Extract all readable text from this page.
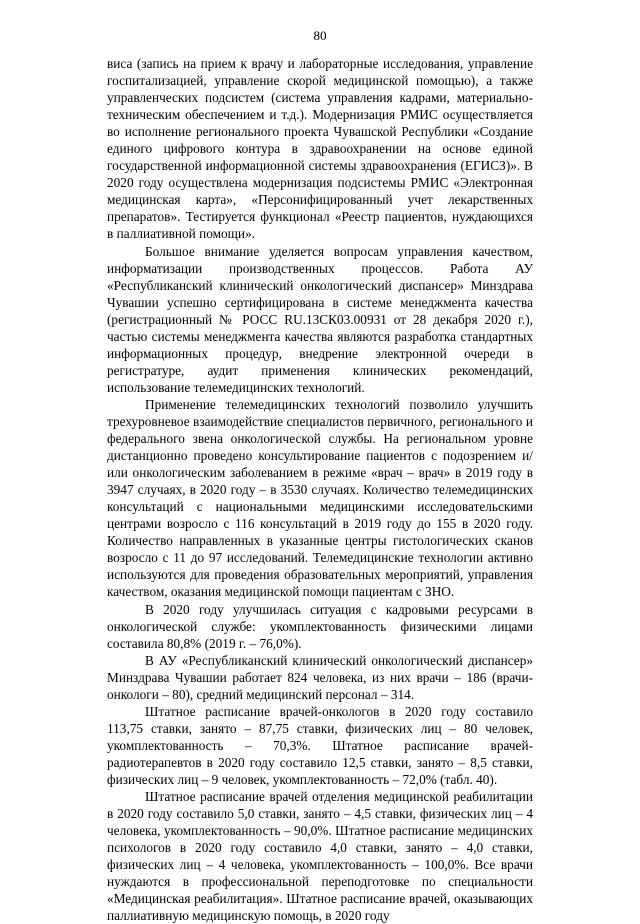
80

виса (запись на прием к врачу и лабораторные исследования, управление госпитализацией, управление скорой медицинской помощью), а также управленческих подсистем (система управления кадрами, материально-техническим обеспечением и т.д.). Модернизация РМИС осуществляется во исполнение регионального проекта Чувашской Республики «Создание единого цифрового контура в здравоохранении на основе единой государственной информационной системы здравоохранения (ЕГИСЗ)». В 2020 году осуществлена модернизация подсистемы РМИС «Электронная медицинская карта», «Персонифицированный учет лекарственных препаратов». Тестируется функционал «Реестр пациентов, нуждающихся в паллиативной помощи».

Большое внимание уделяется вопросам управления качеством, информатизации производственных процессов. Работа АУ «Республиканский клинический онкологический диспансер» Минздрава Чувашии успешно сертифицирована в системе менеджмента качества (регистрационный № РОСС RU.13СК03.00931 от 28 декабря 2020 г.), частью системы менеджмента качества являются разработка стандартных информационных процедур, внедрение электронной очереди в регистратуре, аудит применения клинических рекомендаций, использование телемедицинских технологий.

Применение телемедицинских технологий позволило улучшить трехуровневое взаимодействие специалистов первичного, регионального и федерального звена онкологической службы. На региональном уровне дистанционно проведено консультирование пациентов с подозрением и/или онкологическим заболеванием в режиме «врач – врач» в 2019 году в 3947 случаях, в 2020 году – в 3530 случаях. Количество телемедицинских консультаций с национальными медицинскими исследовательскими центрами возросло с 116 консультаций в 2019 году до 155 в 2020 году. Количество направленных в указанные центры гистологических сканов возросло с 11 до 97 исследований. Телемедицинские технологии активно используются для проведения образовательных мероприятий, управления качеством, оказания медицинской помощи пациентам с ЗНО.

В 2020 году улучшилась ситуация с кадровыми ресурсами в онкологической службе: укомплектованность физическими лицами составила 80,8% (2019 г. – 76,0%).

В АУ «Республиканский клинический онкологический диспансер» Минздрава Чувашии работает 824 человека, из них врачи – 186 (врачи-онкологи – 80), средний медицинский персонал – 314.

Штатное расписание врачей-онкологов в 2020 году составило 113,75 ставки, занято – 87,75 ставки, физических лиц – 80 человек, укомплектованность – 70,3%. Штатное расписание врачей-радиотерапевтов в 2020 году составило 12,5 ставки, занято – 8,5 ставки, физических лиц – 9 человек, укомплектованность – 72,0% (табл. 40).

Штатное расписание врачей отделения медицинской реабилитации в 2020 году составило 5,0 ставки, занято – 4,5 ставки, физических лиц – 4 человека, укомплектованность – 90,0%. Штатное расписание медицинских психологов в 2020 году составило 4,0 ставки, занято – 4,0 ставки, физических лиц – 4 человека, укомплектованность – 100,0%. Все врачи нуждаются в профессиональной переподготовке по специальности «Медицинская реабилитация». Штатное расписание врачей, оказывающих паллиативную медицинскую помощь, в 2020 году
